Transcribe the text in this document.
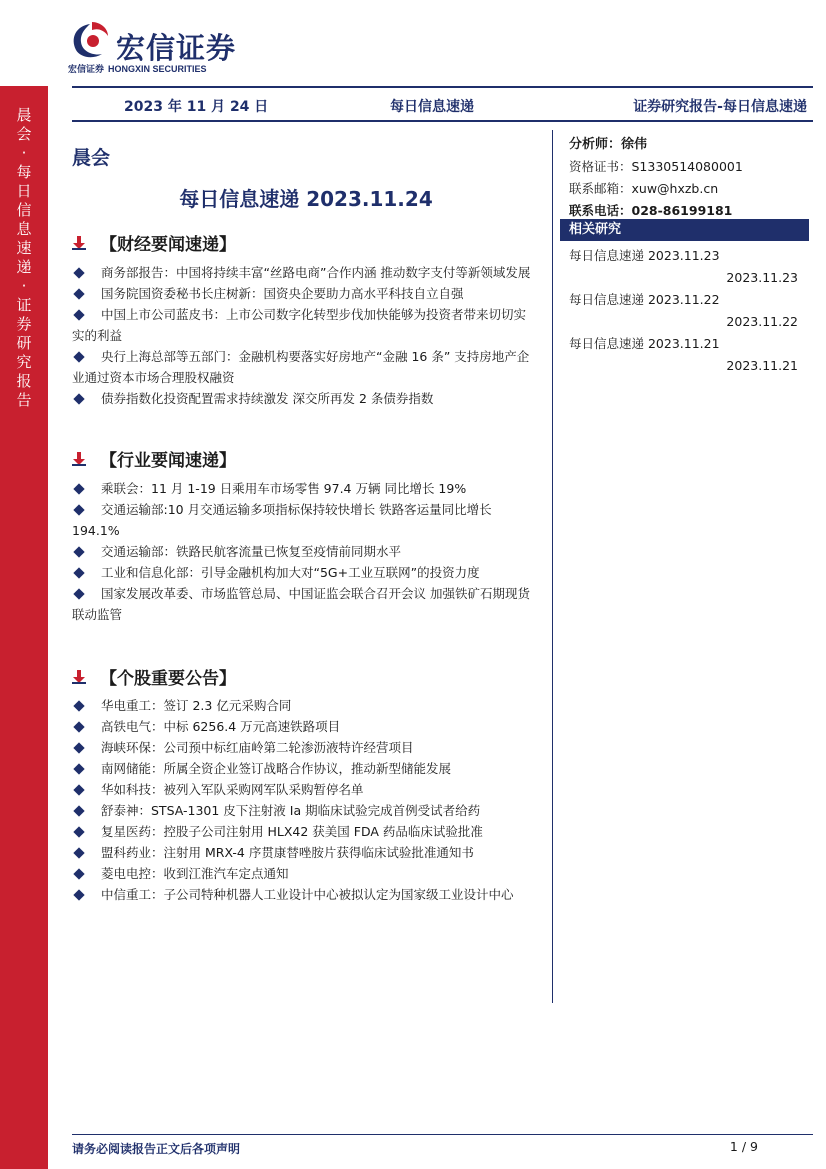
晨
会
·
每
日
信
息
速
递
·
证
券
研
究
报
告
宏信证券
宏信证券 HONGXIN SECURITIES
2023 年 11 月 24 日	每日信息速递	证券研究报告-每日信息速递
晨会
每日信息速递 2023.11.24
【财经要闻速递】
商务部报告：中国将持续丰富“丝路电商”合作内涵 推动数字支付等新领域发展
国务院国资委秘书长庄树新：国资央企要助力高水平科技自立自强
中国上市公司蓝皮书：上市公司数字化转型步伐加快能够为投资者带来切切实实的利益
央行上海总部等五部门：金融机构要落实好房地产“金融 16 条” 支持房地产企业通过资本市场合理股权融资
债券指数化投资配置需求持续激发 深交所再发 2 条债券指数
【行业要闻速递】
乘联会：11 月 1-19 日乘用车市场零售 97.4 万辆 同比增长 19%
交通运输部:10 月交通运输多项指标保持较快增长 铁路客运量同比增长 194.1%
交通运输部：铁路民航客流量已恢复至疫情前同期水平
工业和信息化部：引导金融机构加大对“5G+工业互联网”的投资力度
国家发展改革委、市场监管总局、中国证监会联合召开会议 加强铁矿石期现货联动监管
【个股重要公告】
华电重工：签订 2.3 亿元采购合同
高铁电气：中标 6256.4 万元高速铁路项目
海峡环保：公司预中标红庙岭第二轮渗沥液特许经营项目
南网储能：所属全资企业签订战略合作协议，推动新型储能发展
华如科技：被列入军队采购网军队采购暂停名单
舒泰神：STSA-1301 皮下注射液 Ia 期临床试验完成首例受试者给药
复星医药：控股子公司注射用 HLX42 获美国 FDA 药品临床试验批准
盟科药业：注射用 MRX-4 序贯康替唑胺片获得临床试验批准通知书
菱电电控：收到江淮汽车定点通知
中信重工：子公司特种机器人工业设计中心被拟认定为国家级工业设计中心
分析师：徐伟
资格证书：S1330514080001
联系邮箱：xuw@hxzb.cn
联系电话：028-86199181
相关研究
每日信息速递 2023.11.23
2023.11.23
每日信息速递 2023.11.22
2023.11.22
每日信息速递 2023.11.21
2023.11.21
请务必阅读报告正文后各项声明	1 / 9
